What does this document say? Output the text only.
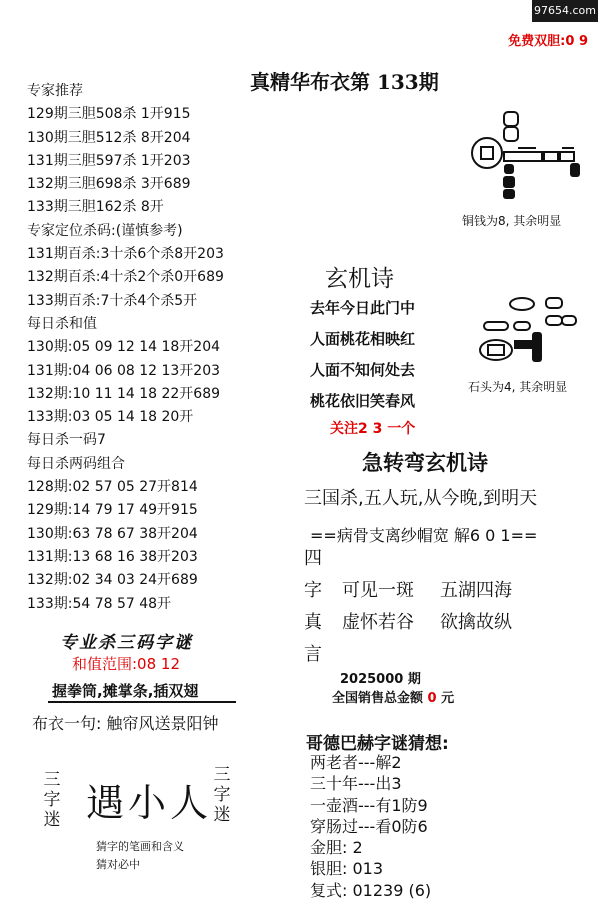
97654.com
免费双胆:0 9
真精华布衣第 133期
专家推荐
129期三胆508杀 1开915
130期三胆512杀 8开204
131期三胆597杀 1开203
132期三胆698杀 3开689
133期三胆162杀 8开
专家定位杀码:(谨慎参考)
131期百杀:3十杀6个杀8开203
132期百杀:4十杀2个杀0开689
133期百杀:7十杀4个杀5开
每日杀和值
130期:05 09 12 14 18开204
131期:04 06 08 12 13开203
132期:10 11 14 18 22开689
133期:03 05 14 18 20开
每日杀一码7
每日杀两码组合
128期:02 57 05 27开814
129期:14 79 17 49开915
130期:63 78 67 38开204
131期:13 68 16 38开203
132期:02 34 03 24开689
133期:54 78 57 48开
专业杀三码字谜
和值范围:08 12
握拳筒,摊掌条,插双翅
布衣一句: 触帘风送景阳钟
三字迷
三字迷
遇小人
猜字的笔画和含义
猜对必中
铜钱为8, 其余明显
石头为4, 其余明显
玄机诗
去年今日此门中
人面桃花相映红
人面不知何处去
桃花依旧笑春风
关注2 3 一个
急转弯玄机诗
三国杀,五人玩,从今晚,到明天
==病骨支离纱帽宽 解6 0 1==
四
字 可见一斑 五湖四海
真 虚怀若谷 欲擒故纵
言
2025000 期
全国销售总金额 0 元
哥德巴赫字谜猜想:
两老者---解2
三十年---出3
一壶酒---有1防9
穿肠过---看0防6
金胆: 2
银胆: 013
复式: 01239 (6)
